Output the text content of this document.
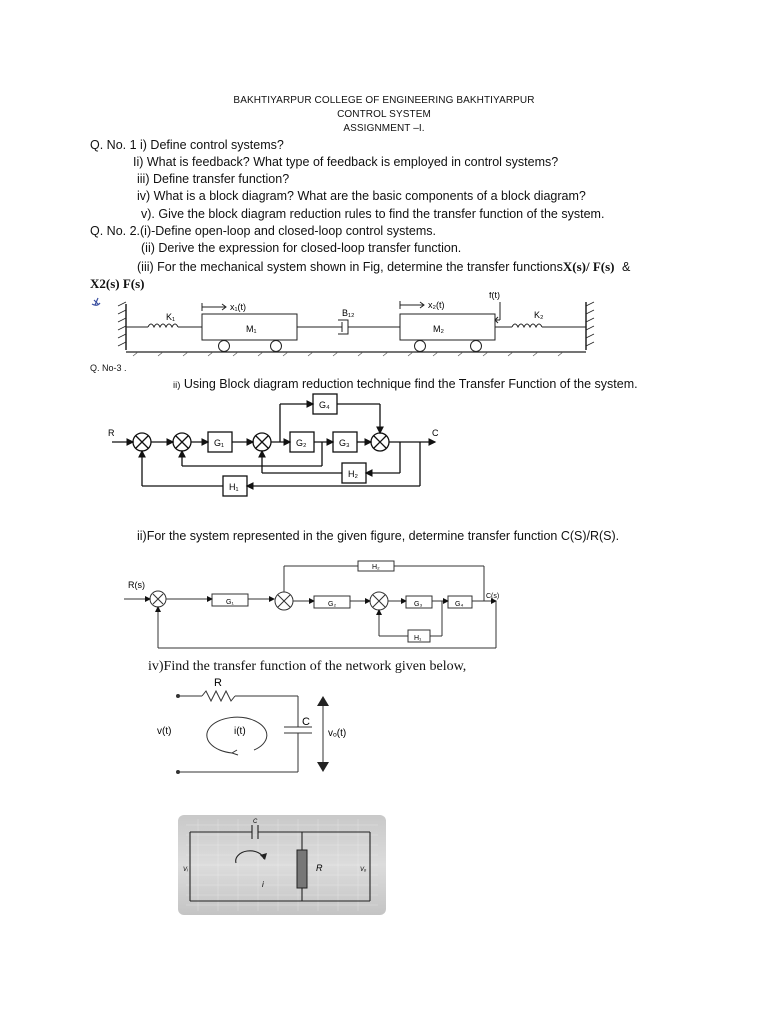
BAKHTIYARPUR COLLEGE OF ENGINEERING BAKHTIYARPUR
CONTROL SYSTEM
ASSIGNMENT –I.
Q. No. 1 i) Define control systems?
Ii) What is feedback? What type of feedback is employed in control systems?
iii) Define transfer function?
iv) What is a block diagram? What are the basic components of a block diagram?
v). Give the block diagram reduction rules to find the transfer function of the system.
Q. No. 2.(i)-Define open-loop and closed-loop control systems.
(ii) Derive the expression for closed-loop transfer function.
(iii) For the mechanical system shown in Fig, determine the transfer functionsX(s)/ F(s) &
X2(s) F(s)
K₁
M₁
x₁(t)
B₁₂
M₂
x₂(t)
f(t)
K₂
Q. No-3 .
ii) Using Block diagram reduction technique find the Transfer Function of the system.
R	C
G₁	G₂	G₃
G₄
H₂
H₁
ii)For the system represented in the given figure, determine transfer function C(S)/R(S).
R(s)
C(s)
G₁	G₂	G₃	G₄
H₂
H₁
iv)Find the transfer function of the network given below,
R
C
v(t)	i(t)	vₒ(t)
C
R
Vᵢ	Vₒ
i
